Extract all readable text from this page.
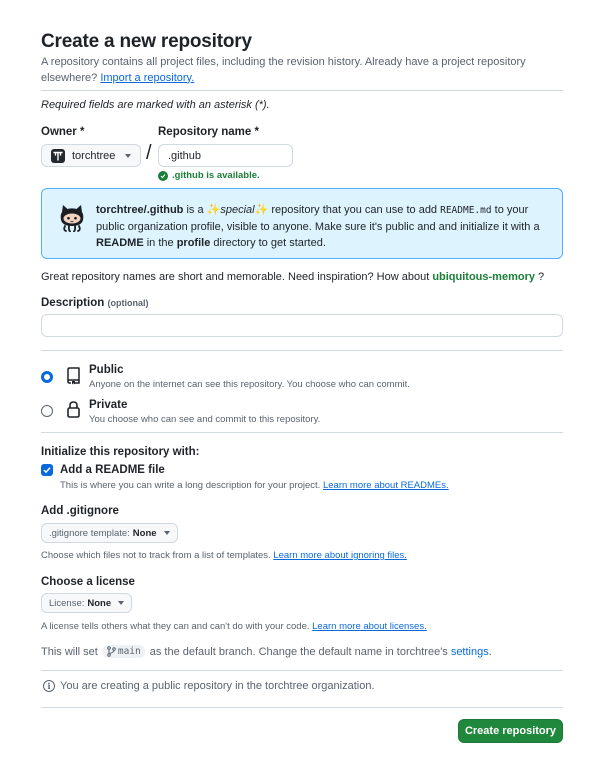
Create a new repository

A repository contains all project files, including the revision history. Already have a project repository elsewhere? Import a repository.

Required fields are marked with an asterisk (*).

Owner *	Repository name *
torchtree /
.github
.github is available.
torchtree/.github is a ✨special✨ repository that you can use to add README.md to your public organization profile, visible to anyone. Make sure it's public and and initialize it with a README in the profile directory to get started.

Great repository names are short and memorable. Need inspiration? How about ubiquitous-memory ?

Description (optional)
Public
Anyone on the internet can see this repository. You choose who can commit.
Private
You choose who can see and commit to this repository.
Initialize this repository with:
Add a README file
This is where you can write a long description for your project. Learn more about READMEs.
Add .gitignore
.gitignore template: None
Choose which files not to track from a list of templates. Learn more about ignoring files.
Choose a license
License: None
A license tells others what they can and can't do with your code. Learn more about licenses.
This will set main as the default branch. Change the default name in torchtree's settings .
i You are creating a public repository in the torchtree organization.
Create repository
